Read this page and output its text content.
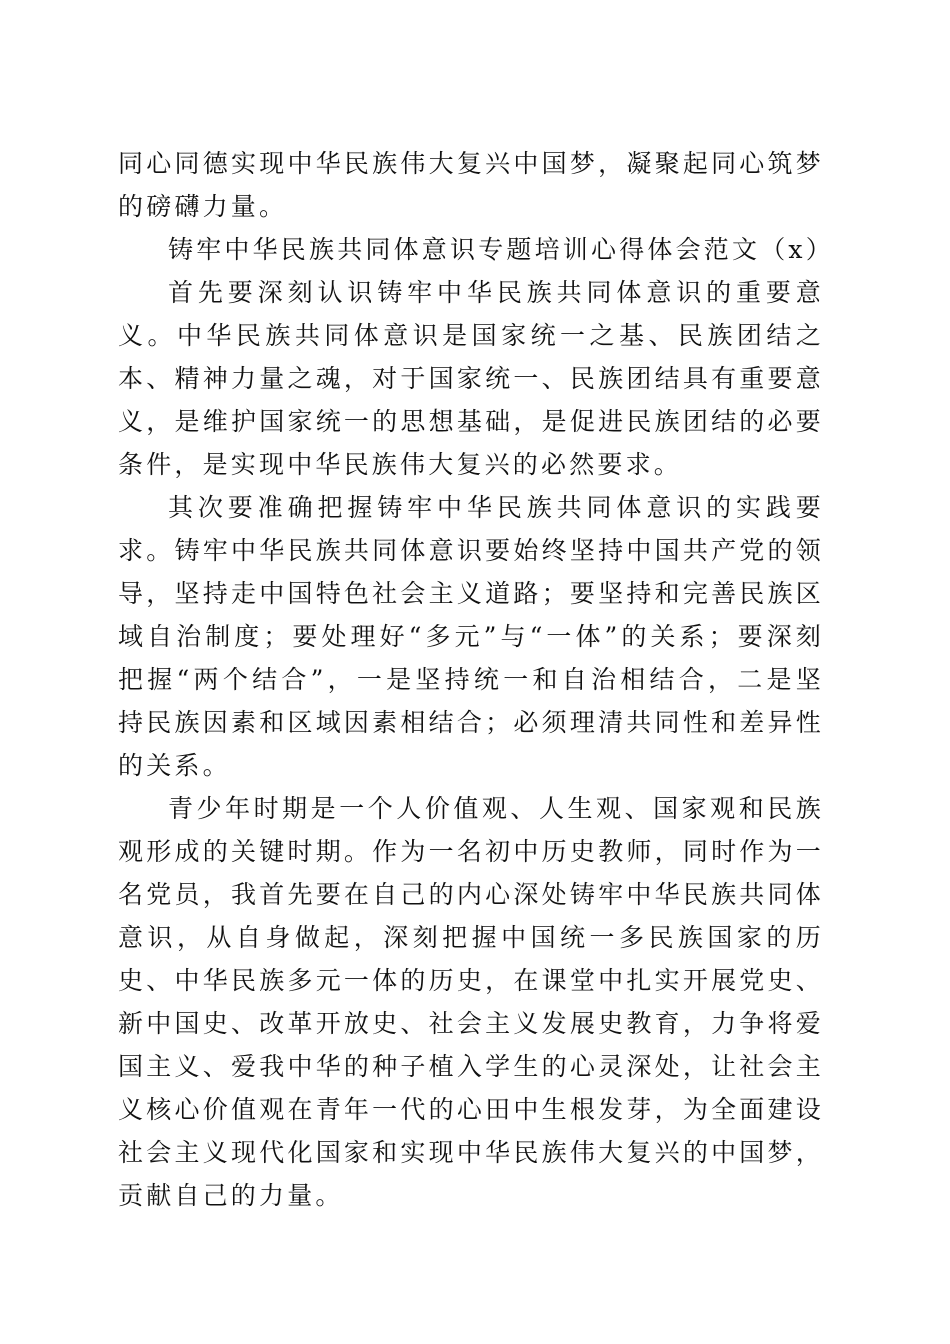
同心同德实现中华民族伟大复兴中国梦，凝聚起同心筑梦的磅礴力量。

铸牢中华民族共同体意识专题培训心得体会范文（x）

首先要深刻认识铸牢中华民族共同体意识的重要意义。中华民族共同体意识是国家统一之基、民族团结之本、精神力量之魂，对于国家统一、民族团结具有重要意义，是维护国家统一的思想基础，是促进民族团结的必要条件，是实现中华民族伟大复兴的必然要求。

其次要准确把握铸牢中华民族共同体意识的实践要求。铸牢中华民族共同体意识要始终坚持中国共产党的领导，坚持走中国特色社会主义道路；要坚持和完善民族区域自治制度；要处理好“多元”与“一体”的关系；要深刻把握“两个结合”，一是坚持统一和自治相结合，二是坚持民族因素和区域因素相结合；必须理清共同性和差异性的关系。

青少年时期是一个人价值观、人生观、国家观和民族观形成的关键时期。作为一名初中历史教师，同时作为一名党员，我首先要在自己的内心深处铸牢中华民族共同体意识，从自身做起，深刻把握中国统一多民族国家的历史、中华民族多元一体的历史，在课堂中扎实开展党史、新中国史、改革开放史、社会主义发展史教育，力争将爱国主义、爱我中华的种子植入学生的心灵深处，让社会主义核心价值观在青年一代的心田中生根发芽，为全面建设社会主义现代化国家和实现中华民族伟大复兴的中国梦，贡献自己的力量。
